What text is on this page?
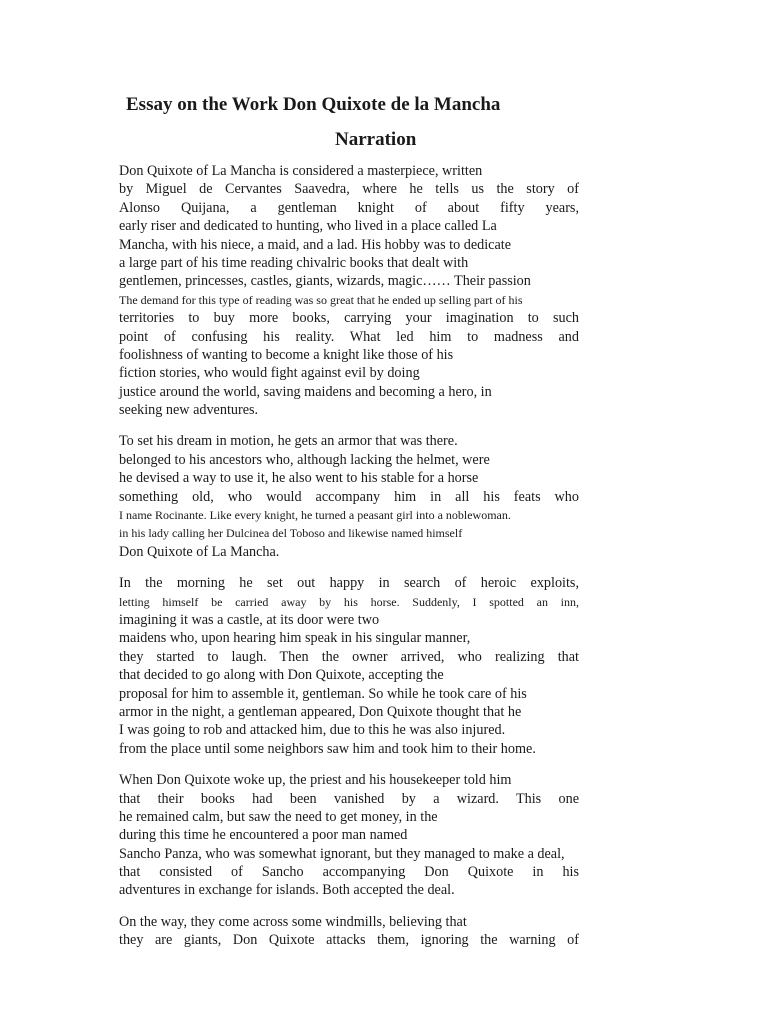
Essay on the Work Don Quixote de la Mancha
Narration

Don Quixote of La Mancha is considered a masterpiece, written
by Miguel de Cervantes Saavedra, where he tells us the story of
Alonso Quijana, a gentleman knight of about fifty years,
early riser and dedicated to hunting, who lived in a place called La
Mancha, with his niece, a maid, and a lad. His hobby was to dedicate
a large part of his time reading chivalric books that dealt with
gentlemen, princesses, castles, giants, wizards, magic…… Their passion
The demand for this type of reading was so great that he ended up selling part of his
territories to buy more books, carrying your imagination to such
point of confusing his reality. What led him to madness and
foolishness of wanting to become a knight like those of his
fiction stories, who would fight against evil by doing
justice around the world, saving maidens and becoming a hero, in
seeking new adventures.

To set his dream in motion, he gets an armor that was there.
belonged to his ancestors who, although lacking the helmet, were
he devised a way to use it, he also went to his stable for a horse
something old, who would accompany him in all his feats who
I name Rocinante. Like every knight, he turned a peasant girl into a noblewoman.
in his lady calling her Dulcinea del Toboso and likewise named himself
Don Quixote of La Mancha.

In the morning he set out happy in search of heroic exploits,
letting himself be carried away by his horse. Suddenly, I spotted an inn,
imagining it was a castle, at its door were two
maidens who, upon hearing him speak in his singular manner,
they started to laugh. Then the owner arrived, who realizing that
that decided to go along with Don Quixote, accepting the
proposal for him to assemble it, gentleman. So while he took care of his
armor in the night, a gentleman appeared, Don Quixote thought that he
I was going to rob and attacked him, due to this he was also injured.
from the place until some neighbors saw him and took him to their home.

When Don Quixote woke up, the priest and his housekeeper told him
that their books had been vanished by a wizard. This one
he remained calm, but saw the need to get money, in the
during this time he encountered a poor man named
Sancho Panza, who was somewhat ignorant, but they managed to make a deal,
that consisted of Sancho accompanying Don Quixote in his
adventures in exchange for islands. Both accepted the deal.

On the way, they come across some windmills, believing that
they are giants, Don Quixote attacks them, ignoring the warning of
